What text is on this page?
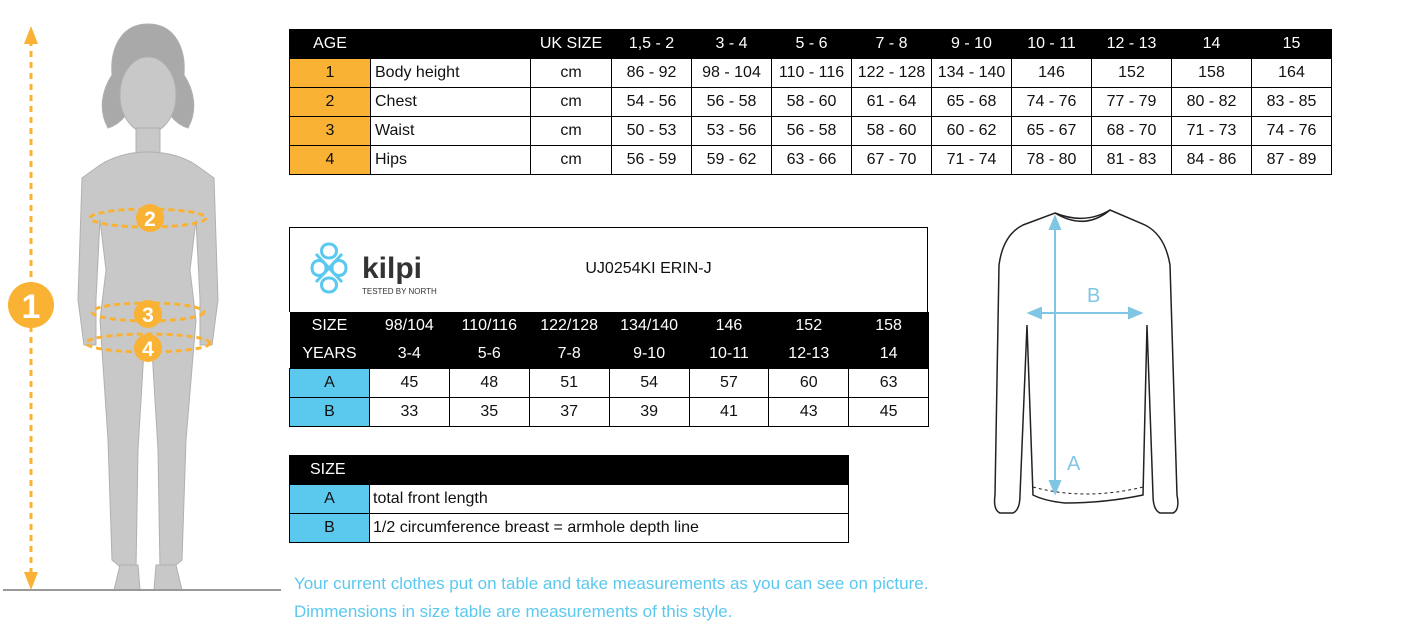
1
2
3
4
AGE		UK SIZE	1,5 - 2	3 - 4	5 - 6	7 - 8	9 - 10	10 - 11	12 - 13	14	15
1	Body height	cm	86 - 92	98 - 104	110 - 116	122 - 128	134 - 140	146	152	158	164
2	Chest	cm	54 - 56	56 - 58	58 - 60	61 - 64	65 - 68	74 - 76	77 - 79	80 - 82	83 - 85
3	Waist	cm	50 - 53	53 - 56	56 - 58	58 - 60	60 - 62	65 - 67	68 - 70	71 - 73	74 - 76
4	Hips	cm	56 - 59	59 - 62	63 - 66	67 - 70	71 - 74	78 - 80	81 - 83	84 - 86	87 - 89
kilpi
TESTED BY NORTH
UJ0254KI ERIN-J
SIZE	98/104	110/116	122/128	134/140	146	152	158
YEARS	3-4	5-6	7-8	9-10	10-11	12-13	14
A	45	48	51	54	57	60	63
B	33	35	37	39	41	43	45
SIZE	
A	total front length
B	1/2 circumference breast = armhole depth line
B
A
Your current clothes put on table and take measurements as you can see on picture.
Dimmensions in size table are measurements of this style.
